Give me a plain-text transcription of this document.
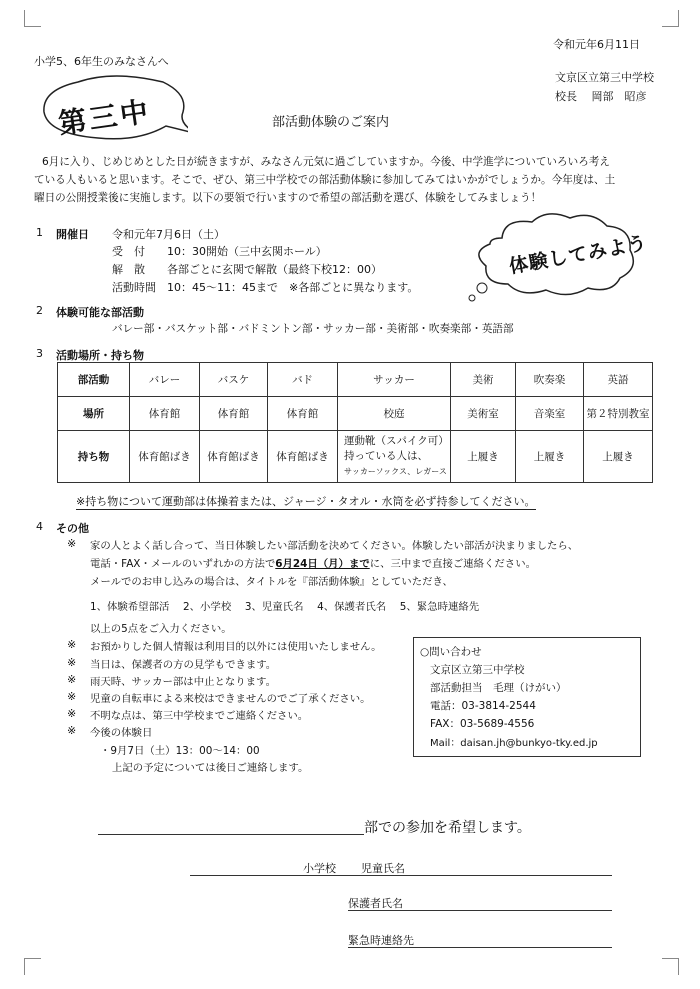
令和元年6月11日
小学5、6年生のみなさんへ
文京区立第三中学校
校長　 岡部　昭彦
第三中	部活動体験のご案内
6月に入り、じめじめとした日が続きますが、みなさん元気に過ごしていますか。今後、中学進学についていろいろ考え
ている人もいると思います。そこで、ぜひ、第三中学校での部活動体験に参加してみてはいかがでしょうか。今年度は、土
曜日の公開授業後に実施します。以下の要領で行いますので希望の部活動を選び、体験をしてみましょう！
体験してみよう
1 開催日 令和元年7月6日（土）
受　付　　10：30開始（三中玄関ホール）
解　散　　各部ごとに玄関で解散（最終下校12：00）
活動時間　10：45～11：45まで　※各部ごとに異なります。
2 体験可能な部活動
バレー部・バスケット部・バドミントン部・サッカー部・美術部・吹奏楽部・英語部
3 活動場所・持ち物
部活動	バレー	バスケ	バド	サッカー	美術	吹奏楽	英語
場所	体育館	体育館	体育館	校庭	美術室	音楽室	第２特別教室
持ち物	体育館ばき	体育館ばき	体育館ばき	運動靴（スパイク可）
持っている人は、
サッカーソックス、レガース	上履き	上履き	上履き
※持ち物について運動部は体操着または、ジャージ・タオル・水筒を必ず持参してください。
4 その他
※ 家の人とよく話し合って、当日体験したい部活動を決めてください。体験したい部活が決まりましたら、
電話・FAX・メールのいずれかの方法で6月24日（月）までに、三中まで直接ご連絡ください。
メールでのお申し込みの場合は、タイトルを『部活動体験』としていただき、
1、体験希望部活　 2、小学校　 3、児童氏名　 4、保護者氏名　 5、緊急時連絡先
以上の5点をご入力ください。
※ お預かりした個人情報は利用目的以外には使用いたしません。
※ 当日は、保護者の方の見学もできます。
※ 雨天時、サッカー部は中止となります。
※ 児童の自転車による来校はできませんのでご了承ください。
※ 不明な点は、第三中学校までご連絡ください。
※ 今後の体験日
・9月7日（土）13：00～14：00
上記の予定については後日ご連絡します。
○問い合わせ
文京区立第三中学校
部活動担当　毛理（けがい）
電話：03-3814-2544
FAX：03-5689-4556
Mail：daisan.jh@bunkyo-tky.ed.jp
部での参加を希望します。
小学校 児童氏名
保護者氏名
緊急時連絡先
